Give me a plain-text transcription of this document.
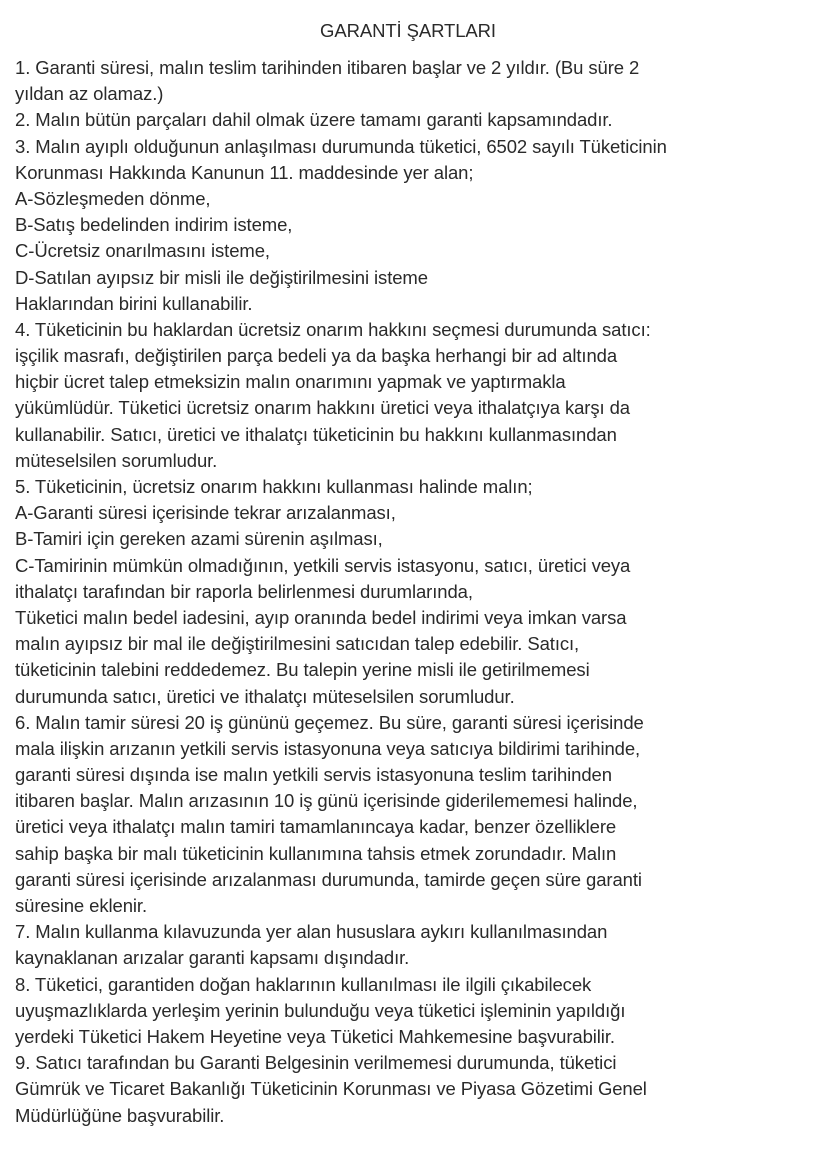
GARANTİ ŞARTLARI
1. Garanti süresi, malın teslim tarihinden itibaren başlar ve 2 yıldır. (Bu süre 2
yıldan az olamaz.)
2. Malın bütün parçaları dahil olmak üzere tamamı garanti kapsamındadır.
3. Malın ayıplı olduğunun anlaşılması durumunda tüketici, 6502 sayılı Tüketicinin
Korunması Hakkında Kanunun 11. maddesinde yer alan;
A-Sözleşmeden dönme,
B-Satış bedelinden indirim isteme,
C-Ücretsiz onarılmasını isteme,
D-Satılan ayıpsız bir misli ile değiştirilmesini isteme
Haklarından birini kullanabilir.
4. Tüketicinin bu haklardan ücretsiz onarım hakkını seçmesi durumunda satıcı:
işçilik masrafı, değiştirilen parça bedeli ya da başka herhangi bir ad altında
hiçbir ücret talep etmeksizin malın onarımını yapmak ve yaptırmakla
yükümlüdür. Tüketici ücretsiz onarım hakkını üretici veya ithalatçıya karşı da
kullanabilir. Satıcı, üretici ve ithalatçı tüketicinin bu hakkını kullanmasından
müteselsilen sorumludur.
5. Tüketicinin, ücretsiz onarım hakkını kullanması halinde malın;
A-Garanti süresi içerisinde tekrar arızalanması,
B-Tamiri için gereken azami sürenin aşılması,
C-Tamirinin mümkün olmadığının, yetkili servis istasyonu, satıcı, üretici veya
ithalatçı tarafından bir raporla belirlenmesi durumlarında,
Tüketici malın bedel iadesini, ayıp oranında bedel indirimi veya imkan varsa
malın ayıpsız bir mal ile değiştirilmesini satıcıdan talep edebilir. Satıcı,
tüketicinin talebini reddedemez. Bu talepin yerine misli ile getirilmemesi
durumunda satıcı, üretici ve ithalatçı müteselsilen sorumludur.
6. Malın tamir süresi 20 iş gününü geçemez. Bu süre, garanti süresi içerisinde
mala ilişkin arızanın yetkili servis istasyonuna veya satıcıya bildirimi tarihinde,
garanti süresi dışında ise malın yetkili servis istasyonuna teslim tarihinden
itibaren başlar. Malın arızasının 10 iş günü içerisinde giderilememesi halinde,
üretici veya ithalatçı malın tamiri tamamlanıncaya kadar, benzer özelliklere
sahip başka bir malı tüketicinin kullanımına tahsis etmek zorundadır. Malın
garanti süresi içerisinde arızalanması durumunda, tamirde geçen süre garanti
süresine eklenir.
7. Malın kullanma kılavuzunda yer alan hususlara aykırı kullanılmasından
kaynaklanan arızalar garanti kapsamı dışındadır.
8. Tüketici, garantiden doğan haklarının kullanılması ile ilgili çıkabilecek
uyuşmazlıklarda yerleşim yerinin bulunduğu veya tüketici işleminin yapıldığı
yerdeki Tüketici Hakem Heyetine veya Tüketici Mahkemesine başvurabilir.
9. Satıcı tarafından bu Garanti Belgesinin verilmemesi durumunda, tüketici
Gümrük ve Ticaret Bakanlığı Tüketicinin Korunması ve Piyasa Gözetimi Genel
Müdürlüğüne başvurabilir.
